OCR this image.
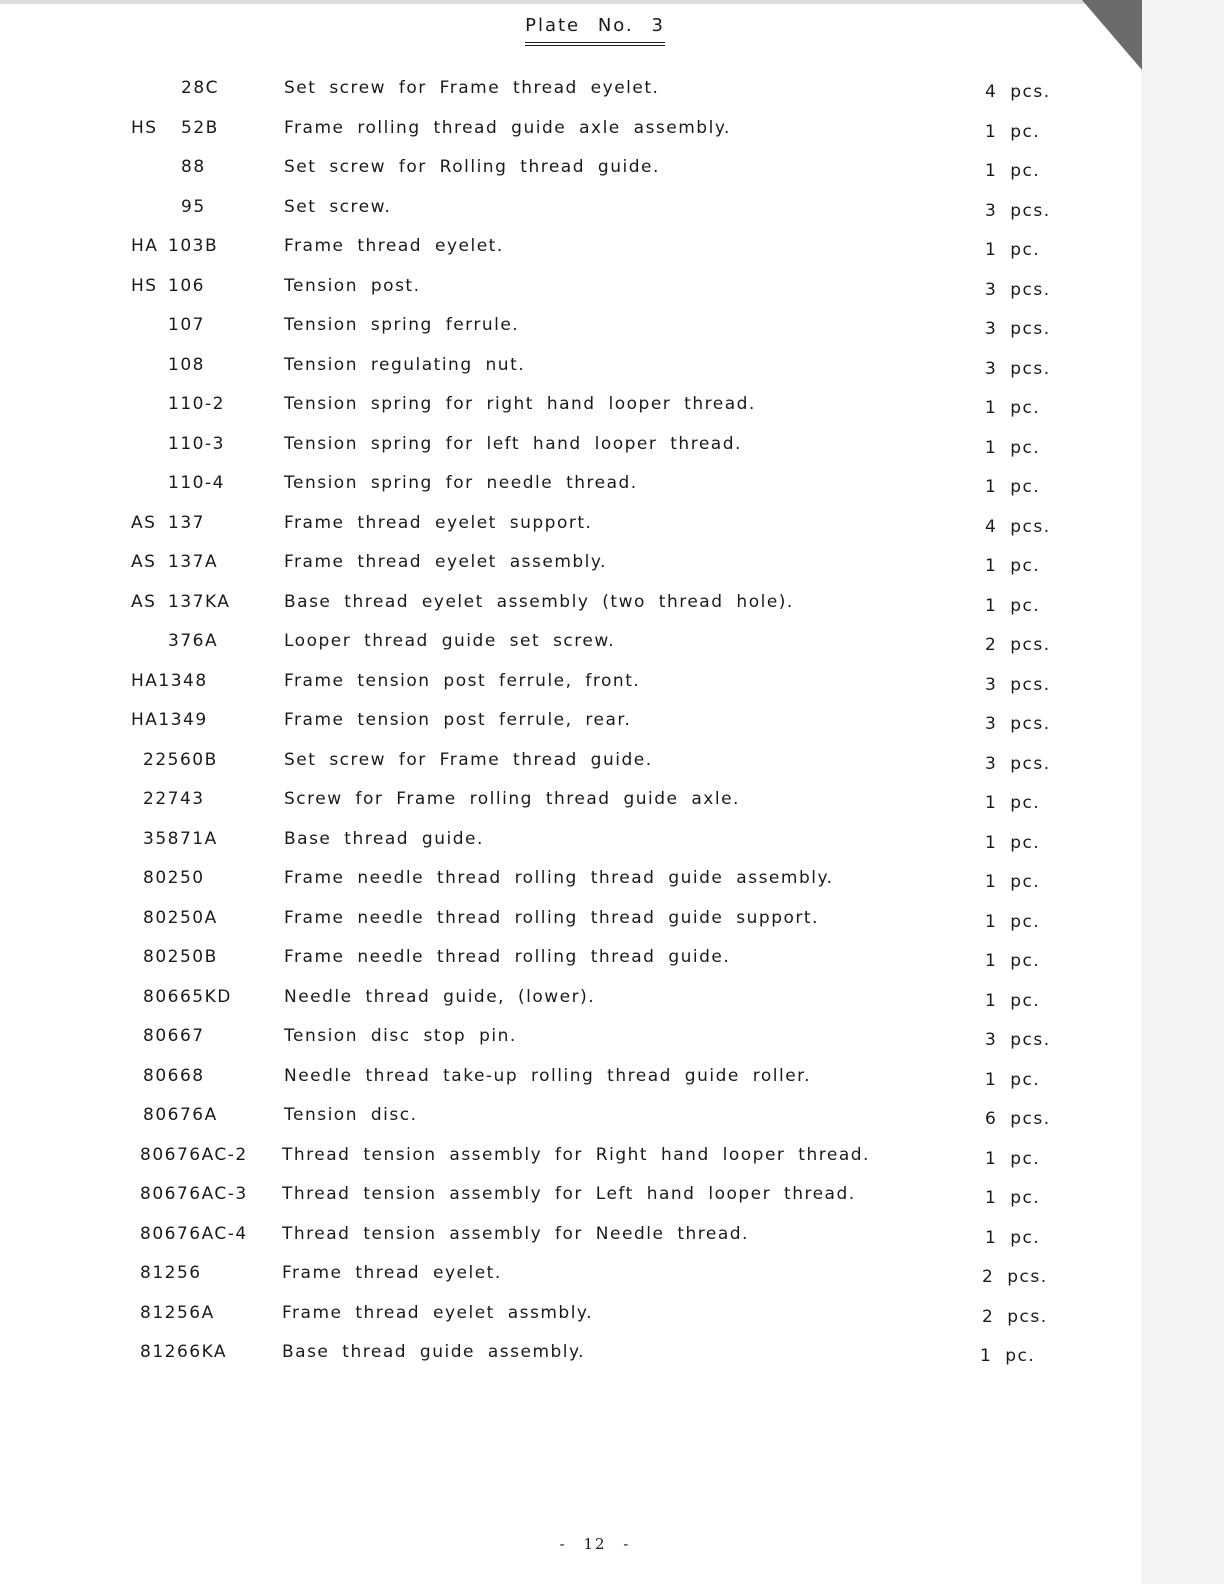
Plate No. 3
28C	Set screw for Frame thread eyelet.	4 pcs.
HS 52B	Frame rolling thread guide axle assembly.	1 pc.
88	Set screw for Rolling thread guide.	1 pc.
95	Set screw.	3 pcs.
HA 103B	Frame thread eyelet.	1 pc.
HS 106	Tension post.	3 pcs.
107	Tension spring ferrule.	3 pcs.
108	Tension regulating nut.	3 pcs.
110-2	Tension spring for right hand looper thread.	1 pc.
110-3	Tension spring for left hand looper thread.	1 pc.
110-4	Tension spring for needle thread.	1 pc.
AS 137	Frame thread eyelet support.	4 pcs.
AS 137A	Frame thread eyelet assembly.	1 pc.
AS 137KA	Base thread eyelet assembly (two thread hole).	1 pc.
376A	Looper thread guide set screw.	2 pcs.
HA1348	Frame tension post ferrule, front.	3 pcs.
HA1349	Frame tension post ferrule, rear.	3 pcs.
22560B	Set screw for Frame thread guide.	3 pcs.
22743	Screw for Frame rolling thread guide axle.	1 pc.
35871A	Base thread guide.	1 pc.
80250	Frame needle thread rolling thread guide assembly.	1 pc.
80250A	Frame needle thread rolling thread guide support.	1 pc.
80250B	Frame needle thread rolling thread guide.	1 pc.
80665KD	Needle thread guide, (lower).	1 pc.
80667	Tension disc stop pin.	3 pcs.
80668	Needle thread take-up rolling thread guide roller.	1 pc.
80676A	Tension disc.	6 pcs.
80676AC-2 Thread tension assembly for Right hand looper thread.	1 pc.
80676AC-3 Thread tension assembly for Left hand looper thread.	1 pc.
80676AC-4 Thread tension assembly for Needle thread.	1 pc.
81256	Frame thread eyelet.	2 pcs.
81256A	Frame thread eyelet assmbly.	2 pcs.
81266KA	Base thread guide assembly.	1 pc.
- 12 -
